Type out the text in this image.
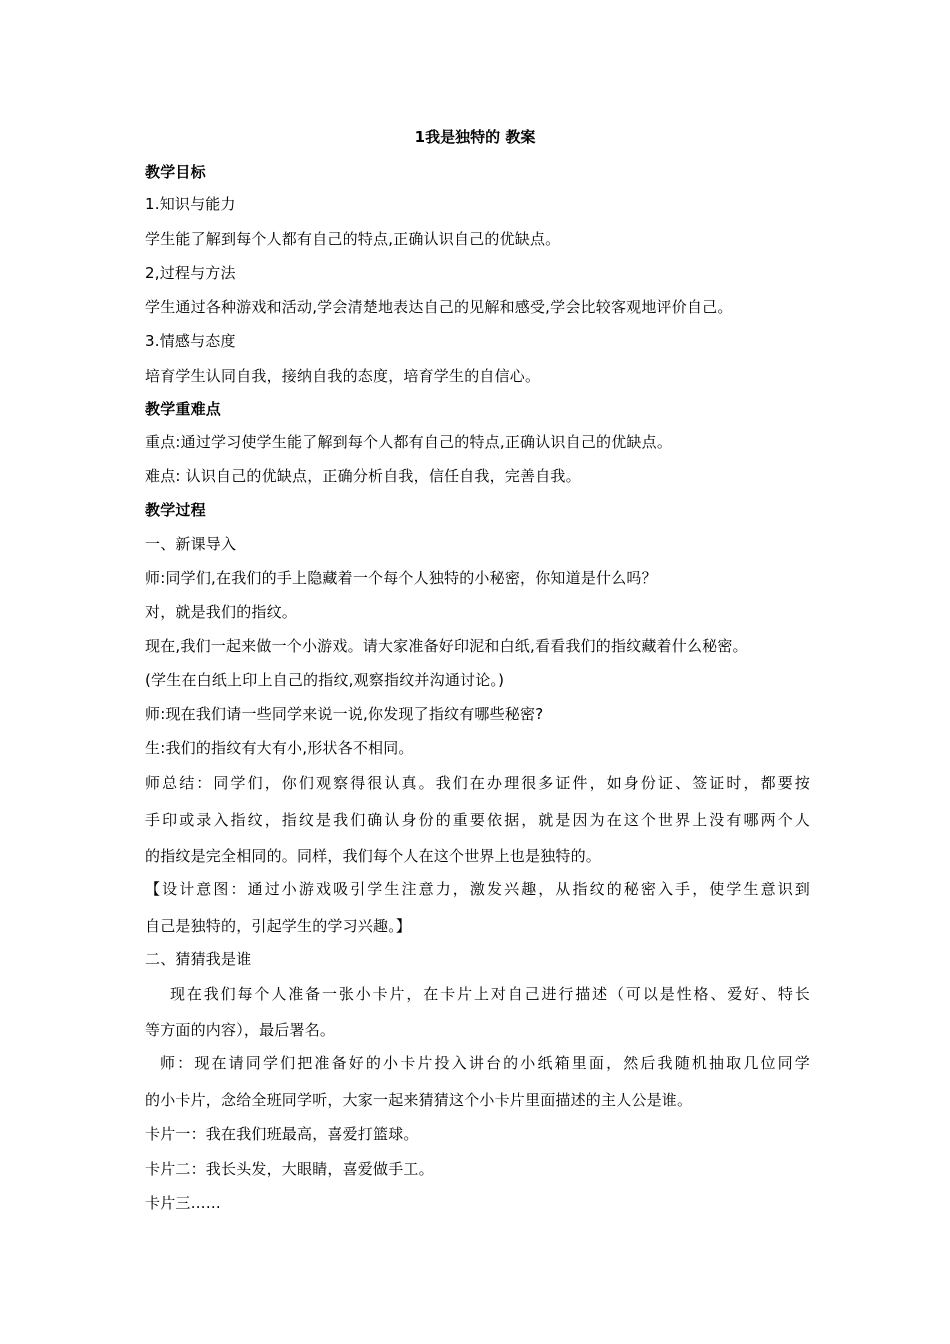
1我是独特的 教案
教学目标
1.知识与能力
学生能了解到每个人都有自己的特点,正确认识自己的优缺点。
2,过程与方法
学生通过各种游戏和活动,学会清楚地表达自己的见解和感受,学会比较客观地评价自己。
3.情感与态度
培育学生认同自我，接纳自我的态度，培育学生的自信心。
教学重难点
重点:通过学习使学生能了解到每个人都有自己的特点,正确认识自己的优缺点。
难点: 认识自己的优缺点，正确分析自我，信任自我，完善自我。
教学过程
一、新课导入
师:同学们,在我们的手上隐藏着一个每个人独特的小秘密，你知道是什么吗？
对，就是我们的指纹。
现在,我们一起来做一个小游戏。请大家准备好印泥和白纸,看看我们的指纹藏着什么秘密。
(学生在白纸上印上自己的指纹,观察指纹并沟通讨论。)
师:现在我们请一些同学来说一说,你发现了指纹有哪些秘密?
生:我们的指纹有大有小,形状各不相同。
师总结：同学们，你们观察得很认真。我们在办理很多证件，如身份证、签证时，都要按
手印或录入指纹，指纹是我们确认身份的重要依据，就是因为在这个世界上没有哪两个人
的指纹是完全相同的。同样，我们每个人在这个世界上也是独特的。
【设计意图：通过小游戏吸引学生注意力，激发兴趣，从指纹的秘密入手，使学生意识到
自己是独特的，引起学生的学习兴趣。】
二、猜猜我是谁
现在我们每个人准备一张小卡片，在卡片上对自己进行描述（可以是性格、爱好、特长
等方面的内容），最后署名。
师：现在请同学们把准备好的小卡片投入讲台的小纸箱里面，然后我随机抽取几位同学
的小卡片，念给全班同学听，大家一起来猜猜这个小卡片里面描述的主人公是谁。
卡片一：我在我们班最高，喜爱打篮球。
卡片二：我长头发，大眼睛，喜爱做手工。
卡片三……
